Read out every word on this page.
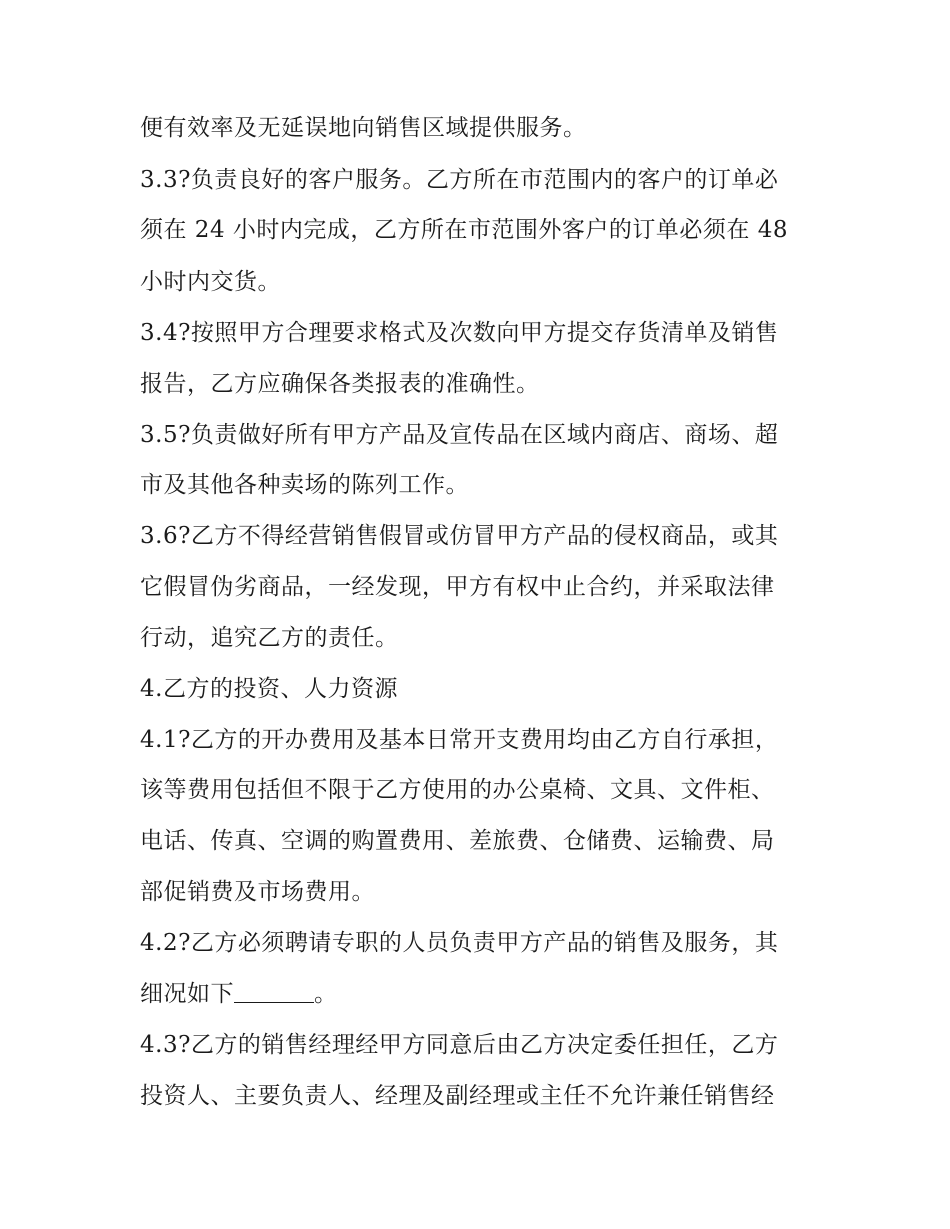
便有效率及无延误地向销售区域提供服务。
3.3?负责良好的客户服务。乙方所在市范围内的客户的订单必
须在 24 小时内完成，乙方所在市范围外客户的订单必须在 48
小时内交货。
3.4?按照甲方合理要求格式及次数向甲方提交存货清单及销售
报告，乙方应确保各类报表的准确性。
3.5?负责做好所有甲方产品及宣传品在区域内商店、商场、超
市及其他各种卖场的陈列工作。
3.6?乙方不得经营销售假冒或仿冒甲方产品的侵权商品，或其
它假冒伪劣商品，一经发现，甲方有权中止合约，并采取法律
行动，追究乙方的责任。
4.乙方的投资、人力资源
4.1?乙方的开办费用及基本日常开支费用均由乙方自行承担，
该等费用包括但不限于乙方使用的办公桌椅、文具、文件柜、
电话、传真、空调的购置费用、差旅费、仓储费、运输费、局
部促销费及市场费用。
4.2?乙方必须聘请专职的人员负责甲方产品的销售及服务，其
细况如下	。
4.3?乙方的销售经理经甲方同意后由乙方决定委任担任，乙方
投资人、主要负责人、经理及副经理或主任不允许兼任销售经
